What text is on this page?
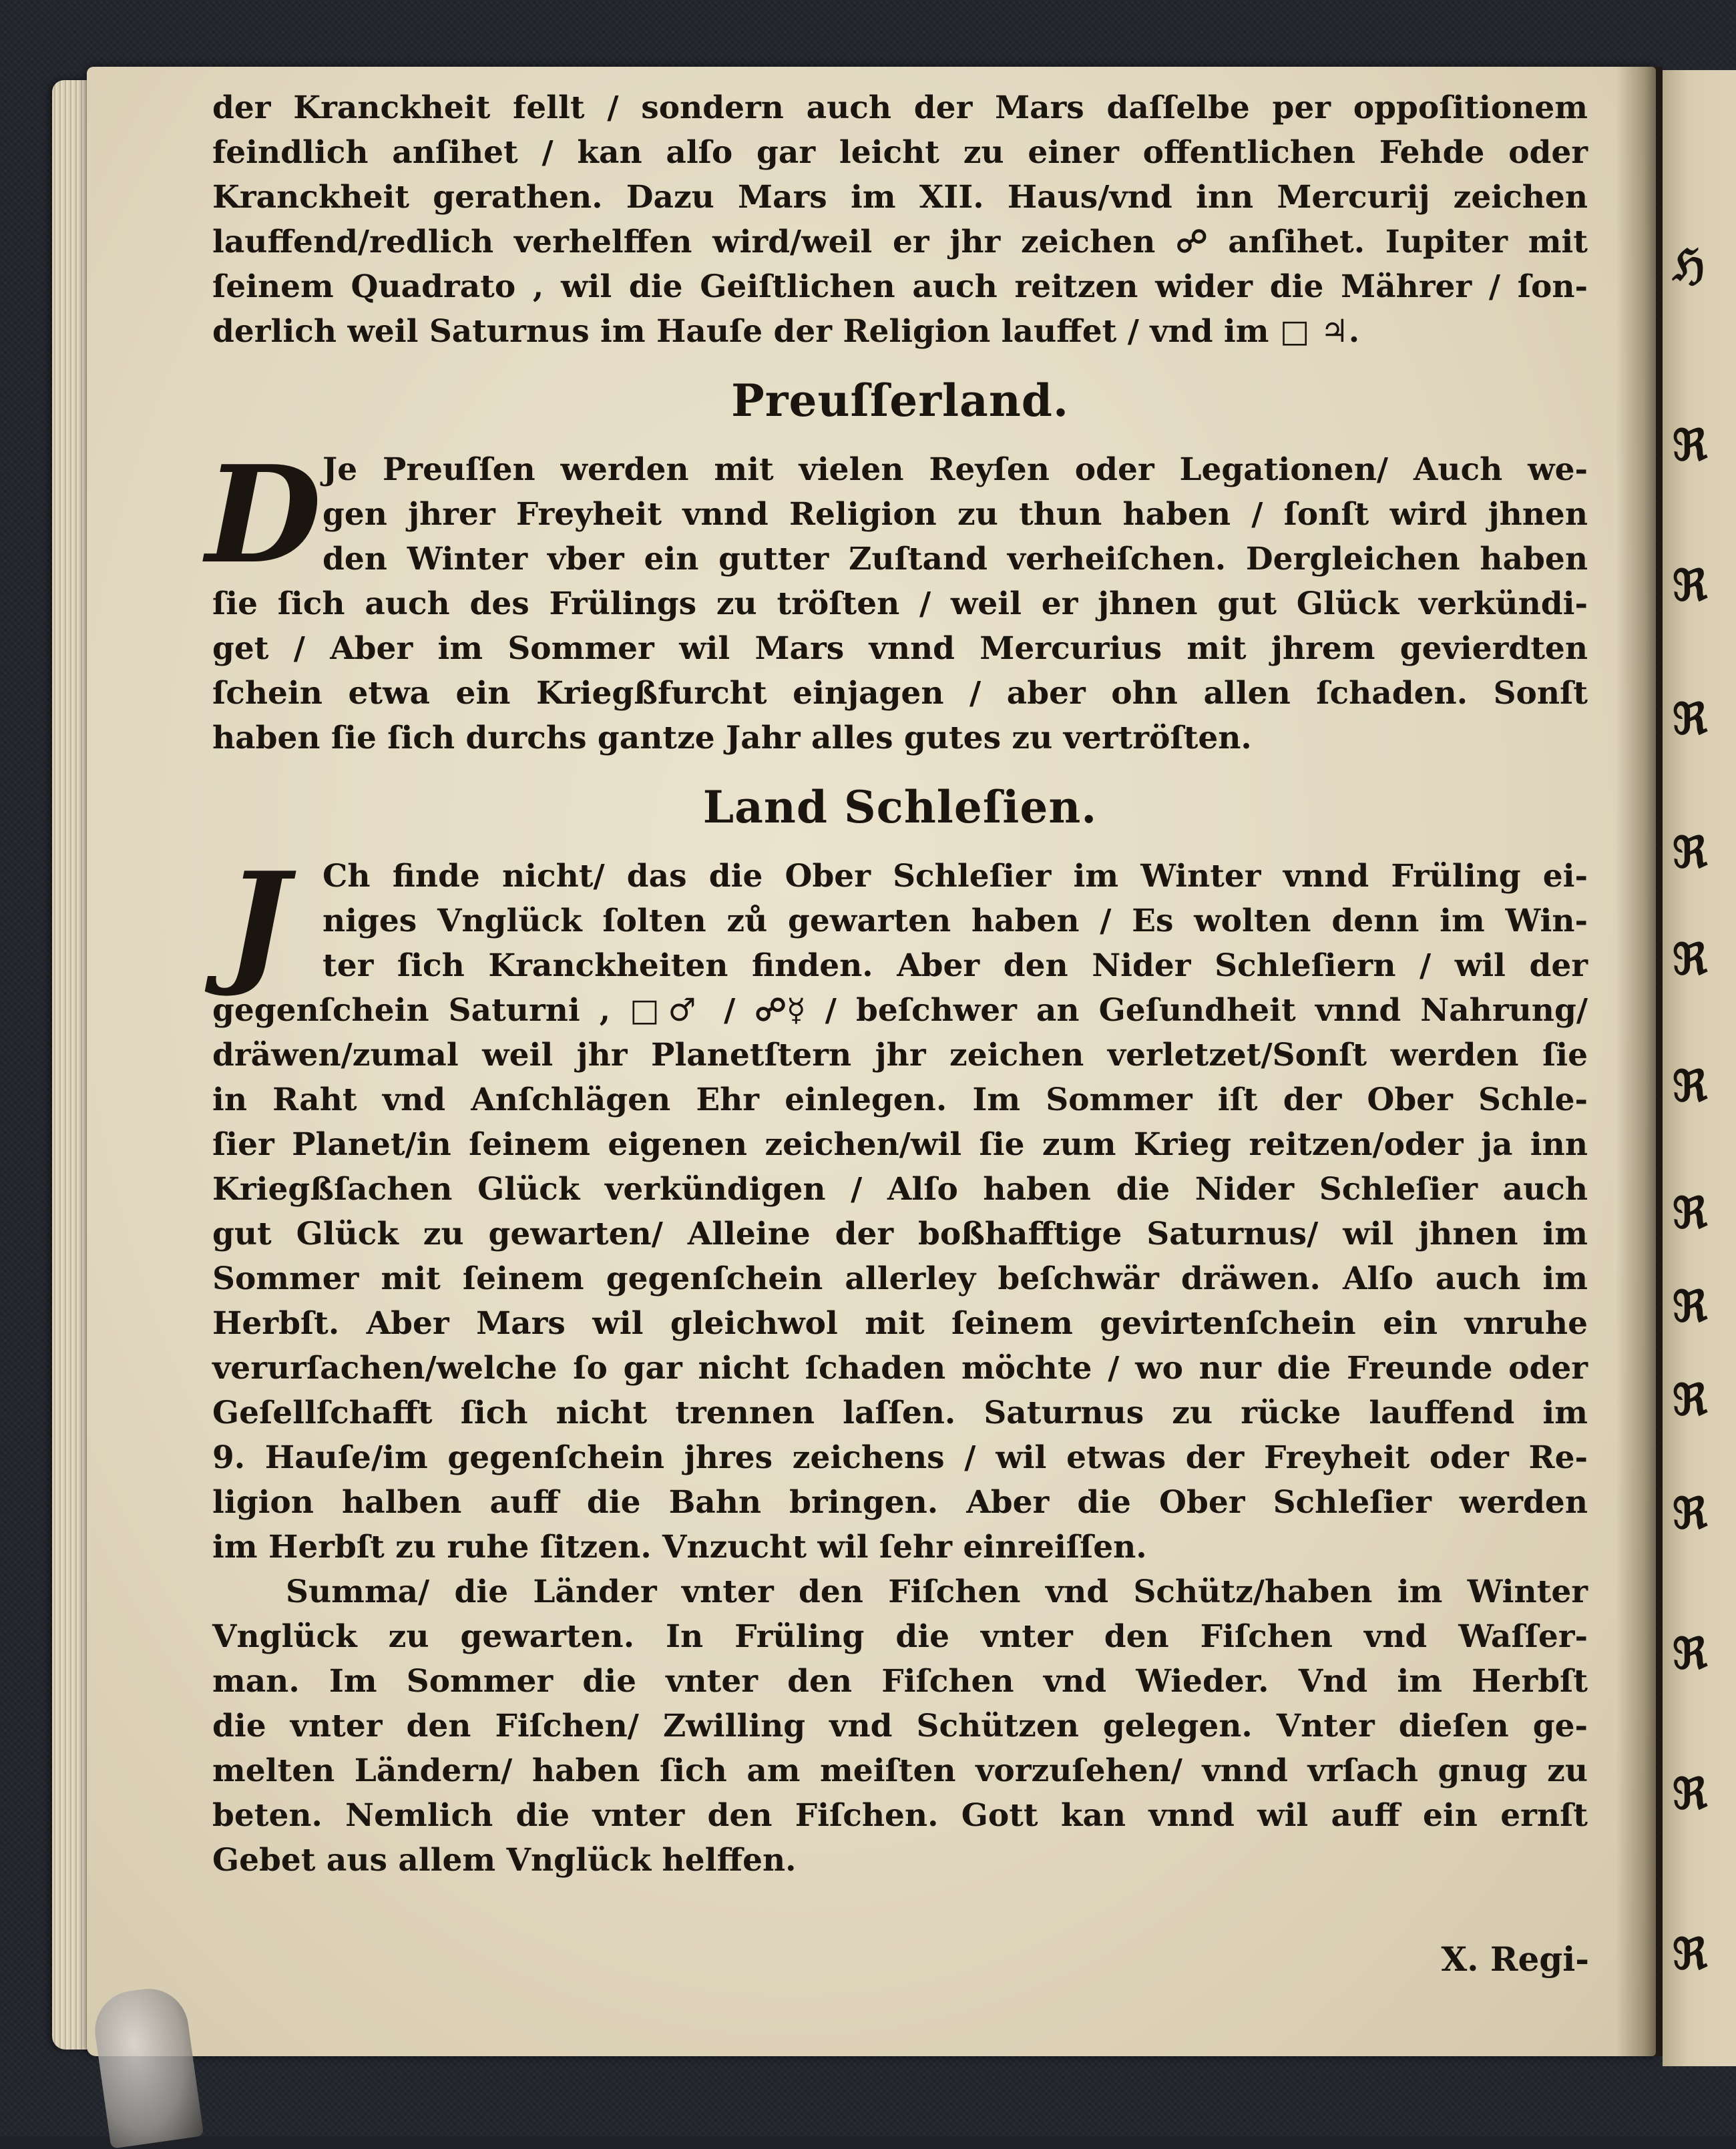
ℌ
ℜ
ℜ
ℜ
ℜ
ℜ
ℜ
ℜ
ℜ
ℜ
ℜ
ℜ
ℜ
ℜ
der Kranckheit fellt / sondern auch der Mars daſſelbe per oppoſitionem
feindlich anſihet / kan alſo gar leicht zu einer offentlichen Fehde oder
Kranckheit gerathen. Dazu Mars im XII. Haus/vnd inn Mercurij zeichen
lauffend/redlich verhelffen wird/weil er jhr zeichen ☍ anſihet. Iupiter mit
ſeinem Quadrato , wil die Geiſtlichen auch reitzen wider die Mährer / ſon-
derlich weil Saturnus im Hauſe der Religion lauffet / vnd im □ ♃.
Preuſſerland.
D Je Preuſſen werden mit vielen Reyſen oder Legationen/ Auch we-
gen jhrer Freyheit vnnd Religion zu thun haben / ſonſt wird jhnen
den Winter vber ein gutter Zuſtand verheiſchen. Dergleichen haben
ſie ſich auch des Frülings zu tröſten / weil er jhnen gut Glück verkündi-
get / Aber im Sommer wil Mars vnnd Mercurius mit jhrem gevierdten
ſchein etwa ein Kriegßfurcht einjagen / aber ohn allen ſchaden. Sonſt
haben ſie ſich durchs gantze Jahr alles gutes zu vertröſten.
Land Schleſien.
J	Ch finde nicht/ das die Ober Schleſier im Winter vnnd Früling ei-
niges Vnglück ſolten zů gewarten haben / Es wolten denn im Win-
ter ſich Kranckheiten finden. Aber den Nider Schleſiern / wil der
gegenſchein Saturni , □♂ / ☍☿ / beſchwer an Geſundheit vnnd Nahrung/
dräwen/zumal weil jhr Planetſtern jhr zeichen verletzet/Sonſt werden ſie
in Raht vnd Anſchlägen Ehr einlegen. Im Sommer iſt der Ober Schle-
ſier Planet/in ſeinem eigenen zeichen/wil ſie zum Krieg reitzen/oder ja inn
Kriegßſachen Glück verkündigen / Alſo haben die Nider Schleſier auch
gut Glück zu gewarten/ Alleine der boßhafftige Saturnus/ wil jhnen im
Sommer mit ſeinem gegenſchein allerley beſchwär dräwen. Alſo auch im
Herbſt. Aber Mars wil gleichwol mit ſeinem gevirtenſchein ein vnruhe
verurſachen/welche ſo gar nicht ſchaden möchte / wo nur die Freunde oder
Geſellſchafft ſich nicht trennen laſſen. Saturnus zu rücke lauffend im
9. Hauſe/im gegenſchein jhres zeichens / wil etwas der Freyheit oder Re-
ligion halben auff die Bahn bringen. Aber die Ober Schleſier werden
im Herbſt zu ruhe ſitzen. Vnzucht wil ſehr einreiſſen.
Summa/ die Länder vnter den Fiſchen vnd Schütz/haben im Winter
Vnglück zu gewarten. In Früling die vnter den Fiſchen vnd Waſſer-
man. Im Sommer die vnter den Fiſchen vnd Wieder. Vnd im Herbſt
die vnter den Fiſchen/ Zwilling vnd Schützen gelegen. Vnter dieſen ge-
melten Ländern/ haben ſich am meiſten vorzuſehen/ vnnd vrſach gnug zu
beten. Nemlich die vnter den Fiſchen. Gott kan vnnd wil auff ein ernſt
Gebet aus allem Vnglück helffen.
X. Regi-
